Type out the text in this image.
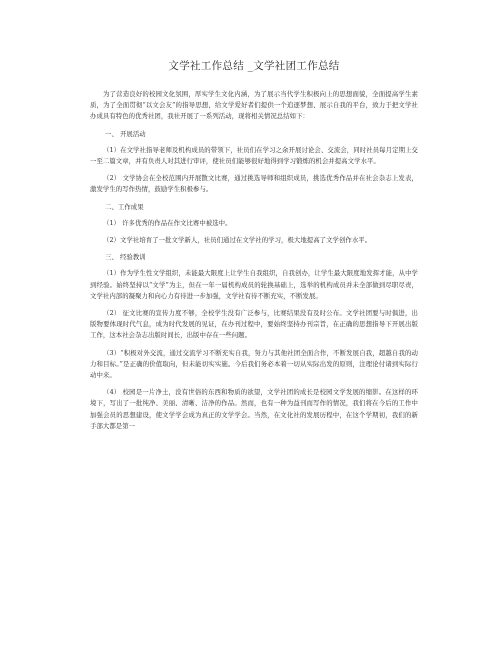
文学社工作总结 _文学社团工作总结

为了营造良好的校园文化氛围，厚实学生文化内涵，为了展示当代学生积极向上的思想面貌，全面提高学生素质，为了全面贯彻“以文会友”的指导思想，给文学爱好者们提供一个追逐梦想、展示自我的平台，致力于把文学社办成具有特色的优秀社团，我社开展了一系列活动，现将相关情况总结如下：

一、 开展活动

（1）在文学社指导老师及机构成员的带领下，社员们在学习之余开展讨论会、交流会，同时社员每月定期上交一至二篇文章，并有负责人对其进行审评，使社员们能够很好地得到学习锻炼的机会并提高文学水平。

（2） 文学协会在全校范围内开展散文比赛，通过挑选导师和组织成员，挑选优秀作品并在社会杂志上发表，激发学生的写作热情，鼓励学生积极参与。

二、工作成果

（1） 许多优秀的作品在作文比赛中被选中。

（2）文学社培育了一批文学新人，社员们通过在文学社的学习，极大地提高了文学创作水平。

三、 经验教训

（1）作为学生性文学组织，未能最大限度上让学生自我组织，自我创办，让学生最大限度地发挥才能，从中学到经验。始终坚持以“文学”为主，但在一年一届机构成员的轮换基础上，选举的机构成员并未全部做到尽职尽责，文学社内部的凝聚力和向心力有待进一步加强，文学社有待不断充实，不断发展。

（2） 征文比赛的宣传力度不够，全校学生没有广泛参与，比赛结果没有及时公布。文学社团要与时俱进，出版物要体现时代气息，成为时代发展的见证，在办刊过程中，要始终坚持办刊宗旨，在正确的思想指导下开展出版工作，这本社会杂志出版时间长，出版中存在一些问题。

（3）“积极对外交流，通过交流学习不断充实自我，努力与其他社团全面合作，不断发展自我，超越自我的动力和目标。”是正确的价值取向，但未能切实实施。今后我们务必本着一切从实际出发的原则，注理论付诸到实际行动中来。

（4） 校园是一片净土，没有世俗的东西和物质的欲望，文学社团的成长是校园文学发展的缩影。在这样的环境下，写出了一批纯净、美丽、清晰、洁净的作品。然而，也有一种为益刊而写作的情况，我们将在今后的工作中加强会员的思想建设，使文学学会成为真正的文学学会。当然，在文化社的发展历程中，在这个学期初，我们的新手部大都是第一
